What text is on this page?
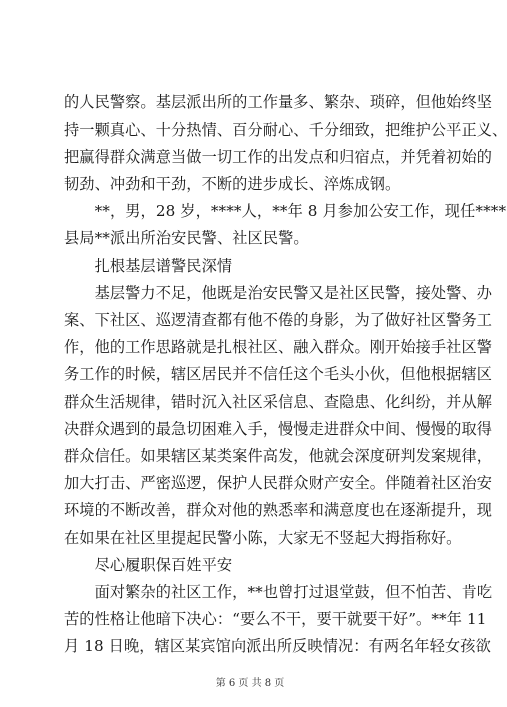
的人民警察。基层派出所的工作量多、繁杂、琐碎，但他始终坚
持一颗真心、十分热情、百分耐心、千分细致，把维护公平正义、
把赢得群众满意当做一切工作的出发点和归宿点，并凭着初始的
韧劲、冲劲和干劲，不断的进步成长、淬炼成钢。
　　**，男，28 岁，****人，**年 8 月参加公安工作，现任****
县局**派出所治安民警、社区民警。
　　扎根基层谱警民深情
　　基层警力不足，他既是治安民警又是社区民警，接处警、办
案、下社区、巡逻清查都有他不倦的身影，为了做好社区警务工
作，他的工作思路就是扎根社区、融入群众。刚开始接手社区警
务工作的时候，辖区居民并不信任这个毛头小伙，但他根据辖区
群众生活规律，错时沉入社区采信息、查隐患、化纠纷，并从解
决群众遇到的最急切困难入手，慢慢走进群众中间、慢慢的取得
群众信任。如果辖区某类案件高发，他就会深度研判发案规律，
加大打击、严密巡逻，保护人民群众财产安全。伴随着社区治安
环境的不断改善，群众对他的熟悉率和满意度也在逐渐提升，现
在如果在社区里提起民警小陈，大家无不竖起大拇指称好。
　　尽心履职保百姓平安
　　面对繁杂的社区工作，**也曾打过退堂鼓，但不怕苦、肯吃
苦的性格让他暗下决心：“要么不干，要干就要干好”。**年 11
月 18 日晚，辖区某宾馆向派出所反映情况：有两名年轻女孩欲
第 6 页 共 8 页
